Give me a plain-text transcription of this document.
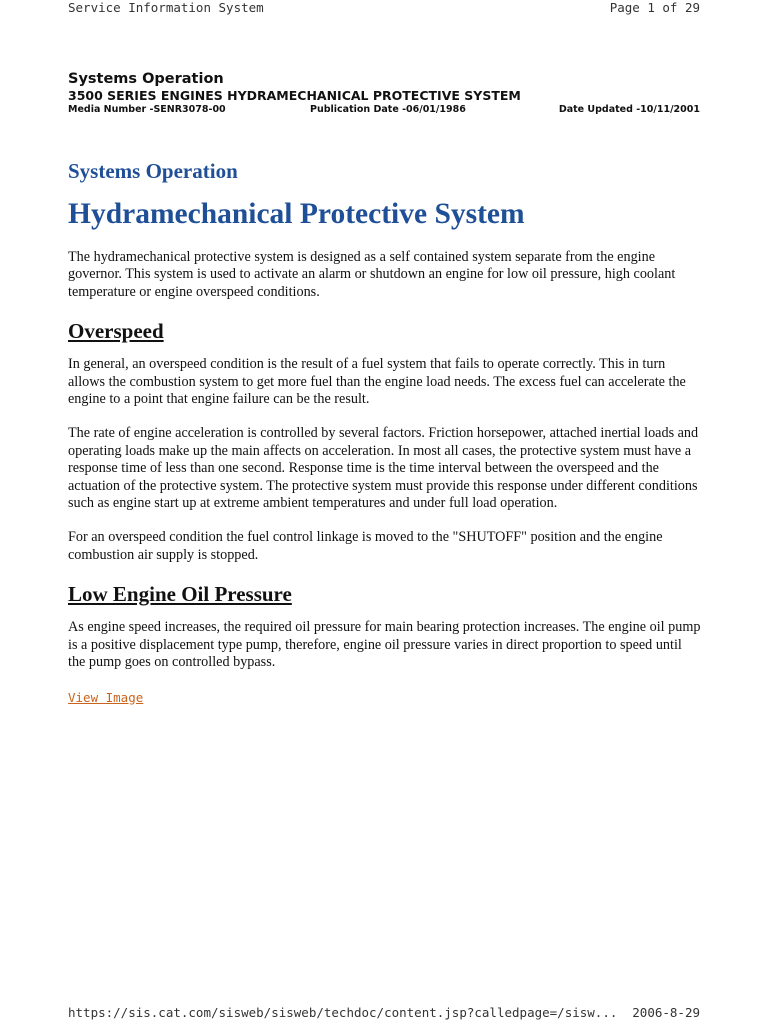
Service Information System	Page 1 of 29
Systems Operation
3500 SERIES ENGINES HYDRAMECHANICAL PROTECTIVE SYSTEM
Media Number -SENR3078-00	Publication Date -06/01/1986	Date Updated -10/11/2001
Systems Operation
Hydramechanical Protective System

The hydramechanical protective system is designed as a self contained system separate from the engine governor. This system is used to activate an alarm or shutdown an engine for low oil pressure, high coolant temperature or engine overspeed conditions.

Overspeed

In general, an overspeed condition is the result of a fuel system that fails to operate correctly. This in turn allows the combustion system to get more fuel than the engine load needs. The excess fuel can accelerate the engine to a point that engine failure can be the result.

The rate of engine acceleration is controlled by several factors. Friction horsepower, attached inertial loads and operating loads make up the main affects on acceleration. In most all cases, the protective system must have a response time of less than one second. Response time is the time interval between the overspeed and the actuation of the protective system. The protective system must provide this response under different conditions such as engine start up at extreme ambient temperatures and under full load operation.

For an overspeed condition the fuel control linkage is moved to the "SHUTOFF" position and the engine combustion air supply is stopped.

Low Engine Oil Pressure

As engine speed increases, the required oil pressure for main bearing protection increases. The engine oil pump is a positive displacement type pump, therefore, engine oil pressure varies in direct proportion to speed until the pump goes on controlled bypass.

View Image
https://sis.cat.com/sisweb/sisweb/techdoc/content.jsp?calledpage=/sisw... 2006-8-29
